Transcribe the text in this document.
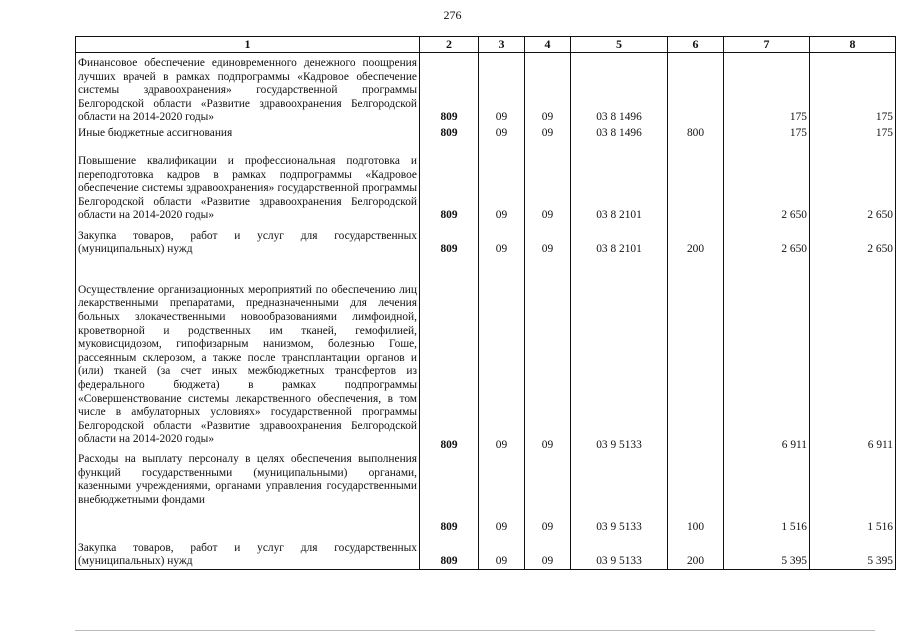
276
1	2	3	4	5	6	7	8
Финансовое обеспечение единовременного денежного поощрения лучших врачей в рамках подпрограммы «Кадровое обеспечение системы здравоохранения» государственной программы Белгородской области «Развитие здравоохранения Белгородской области на 2014-2020 годы»	809	09	09	03 8 1496		175	175
Иные бюджетные ассигнования	809	09	09	03 8 1496	800	175	175
Повышение квалификации и профессиональная подготовка и переподготовка кадров в рамках подпрограммы «Кадровое обеспечение системы здравоохранения» государственной программы Белгородской области «Развитие здравоохранения Белгородской области на 2014-2020 годы»	809	09	09	03 8 2101		2 650	2 650
Закупка товаров, работ и услуг для государственных (муниципальных) нужд	809	09	09	03 8 2101	200	2 650	2 650
Осуществление организационных мероприятий по обеспечению лиц лекарственными препаратами, предназначенными для лечения больных злокачественными новообразованиями лимфоидной, кроветворной и родственных им тканей, гемофилией, муковисцидозом, гипофизарным нанизмом, болезнью Гоше, рассеянным склерозом, а также после трансплантации органов и (или) тканей (за счет иных межбюджетных трансфертов из федерального бюджета) в рамках подпрограммы «Совершенствование системы лекарственного обеспечения, в том числе в амбулаторных условиях» государственной программы Белгородской области «Развитие здравоохранения Белгородской области на 2014-2020 годы»	809	09	09	03 9 5133		6 911	6 911
Расходы на выплату персоналу в целях обеспечения выполнения функций государственными (муниципальными) органами, казенными учреждениями, органами управления государственными внебюджетными фондами	809	09	09	03 9 5133	100	1 516	1 516
Закупка товаров, работ и услуг для государственных (муниципальных) нужд	809	09	09	03 9 5133	200	5 395	5 395
